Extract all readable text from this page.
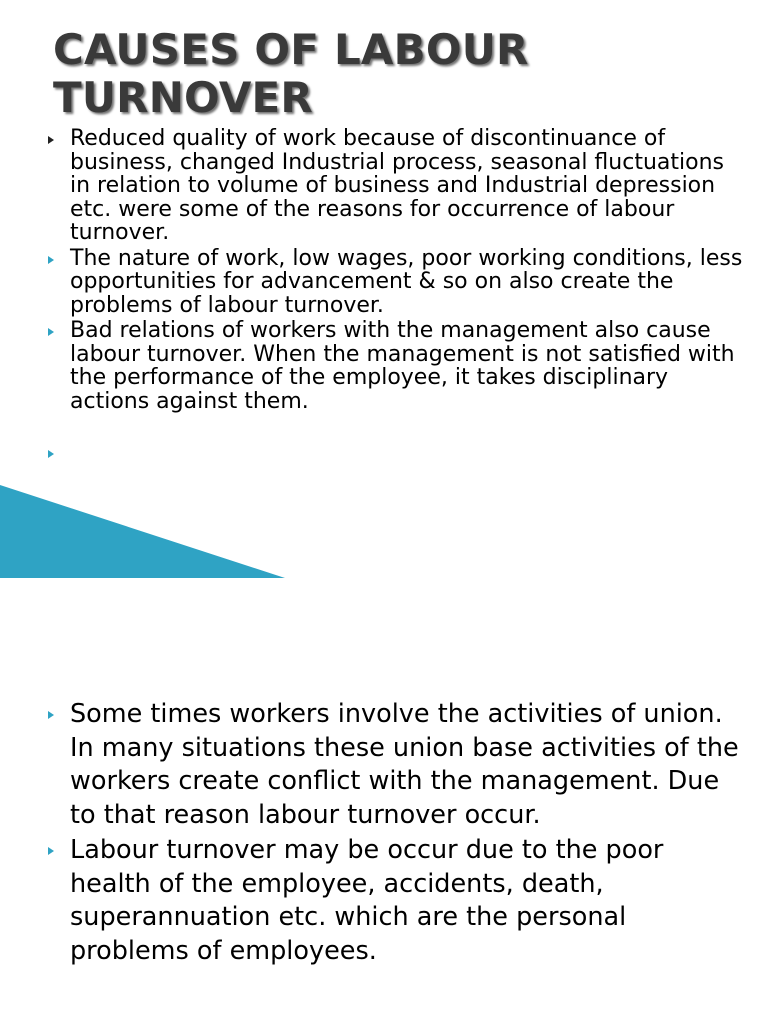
CAUSES OF LABOUR
TURNOVER
Reduced quality of work because of discontinuance of business, changed Industrial process, seasonal fluctuations in relation to volume of business and Industrial depression etc. were some of the reasons for occurrence of labour turnover.
The nature of work, low wages, poor working conditions, less opportunities for advancement & so on also create the problems of labour turnover.
Bad relations of workers with the management also cause labour turnover. When the management is not satisfied with the performance of the employee, it takes disciplinary actions against them.
Some times workers involve the activities of union. In many situations these union base activities of the workers create conflict with the management. Due to that reason labour turnover occur.
Labour turnover may be occur due to the poor health of the employee, accidents, death, superannuation etc. which are the personal problems of employees.
